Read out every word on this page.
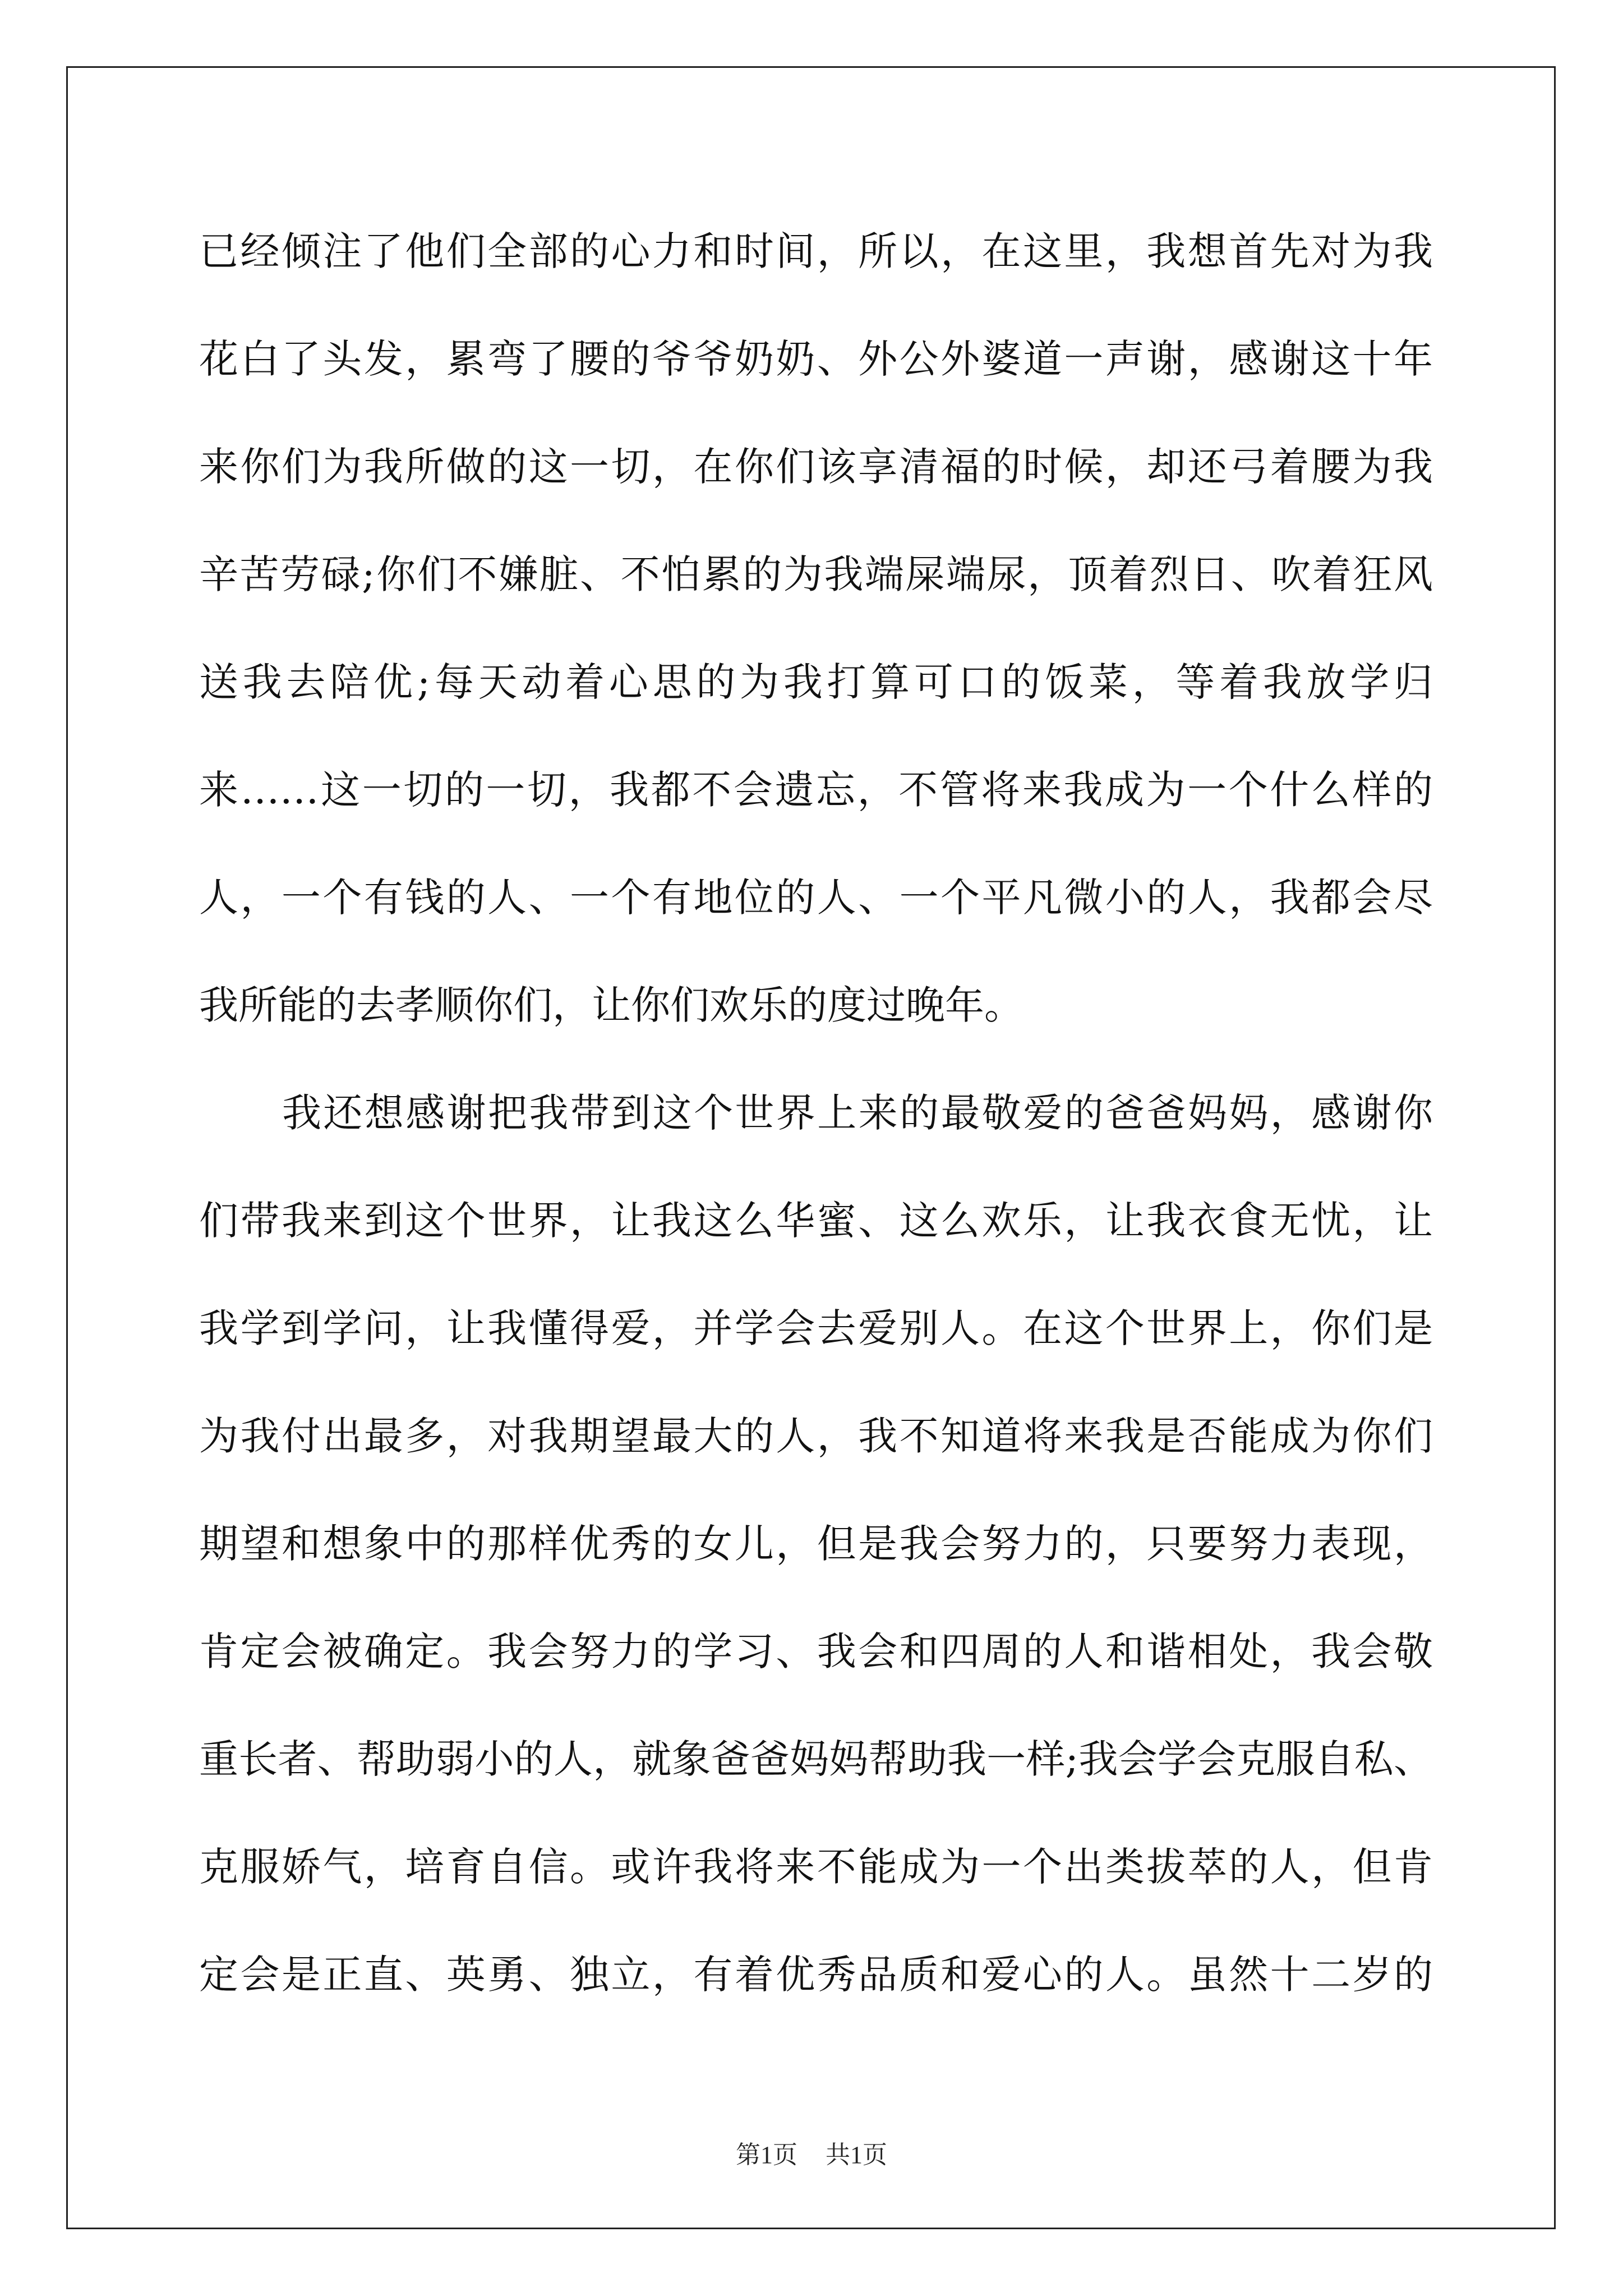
已经倾注了他们全部的心力和时间，所以，在这里，我想首先对为我
花白了头发，累弯了腰的爷爷奶奶、外公外婆道一声谢，感谢这十年
来你们为我所做的这一切，在你们该享清福的时候，却还弓着腰为我
辛苦劳碌;你们不嫌脏、不怕累的为我端屎端尿，顶着烈日、吹着狂风
送我去陪优;每天动着心思的为我打算可口的饭菜，等着我放学归
来……这一切的一切，我都不会遗忘，不管将来我成为一个什么样的
人，一个有钱的人、一个有地位的人、一个平凡微小的人，我都会尽
我所能的去孝顺你们，让你们欢乐的度过晚年。
我还想感谢把我带到这个世界上来的最敬爱的爸爸妈妈，感谢你
们带我来到这个世界，让我这么华蜜、这么欢乐，让我衣食无忧，让
我学到学问，让我懂得爱，并学会去爱别人。在这个世界上，你们是
为我付出最多，对我期望最大的人，我不知道将来我是否能成为你们
期望和想象中的那样优秀的女儿，但是我会努力的，只要努力表现，
肯定会被确定。我会努力的学习、我会和四周的人和谐相处，我会敬
重长者、帮助弱小的人，就象爸爸妈妈帮助我一样;我会学会克服自私、
克服娇气，培育自信。或许我将来不能成为一个出类拔萃的人，但肯
定会是正直、英勇、独立，有着优秀品质和爱心的人。虽然十二岁的
第1页 共1页
